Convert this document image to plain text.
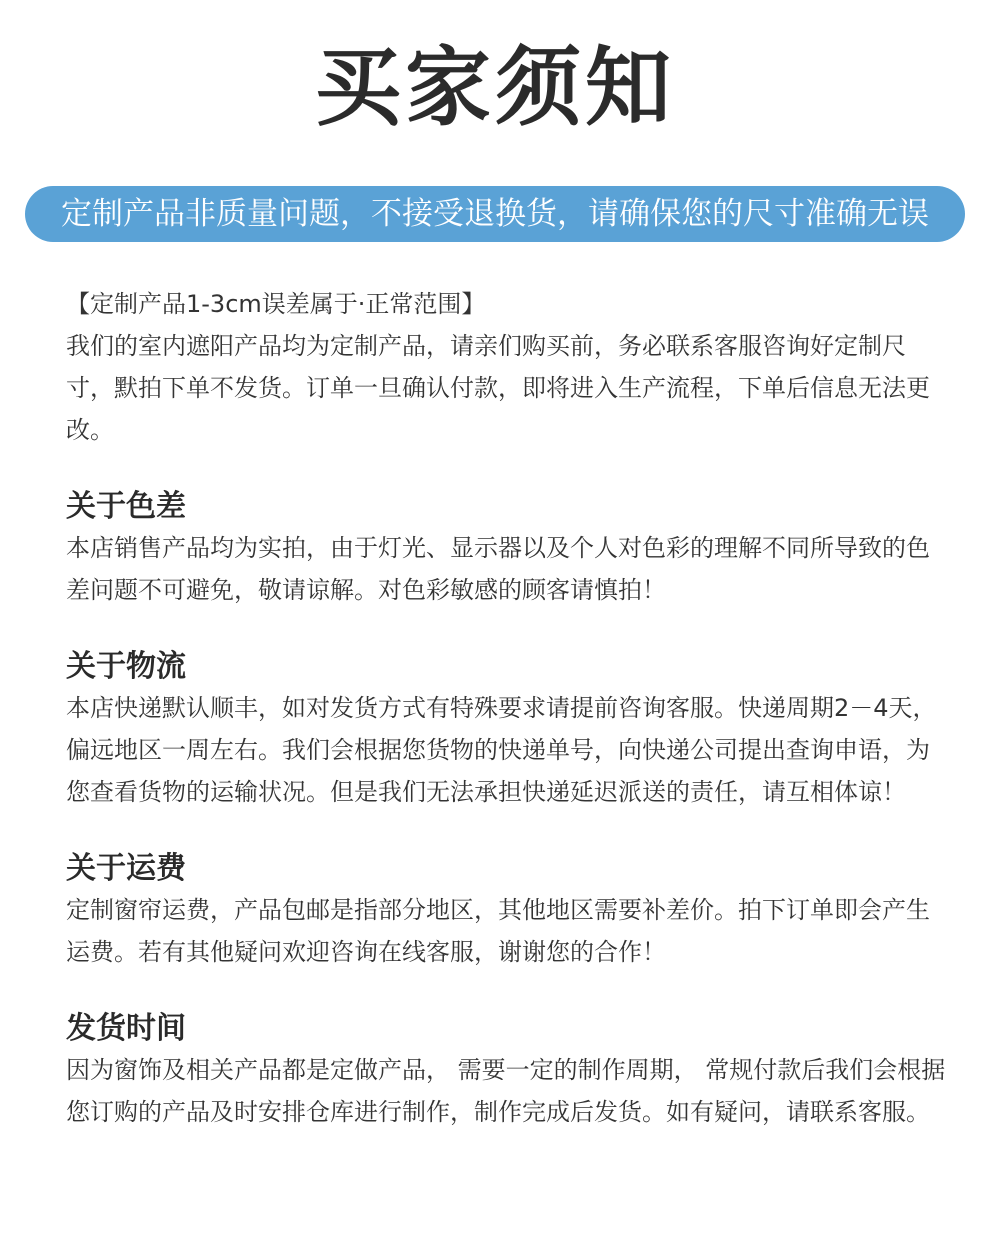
买家须知
定制产品非质量问题，不接受退换货，请确保您的尺寸准确无误
【定制产品1-3cm误差属于·正常范围】
我们的室内遮阳产品均为定制产品，请亲们购买前，务必联系客服咨询好定制尺寸，默拍下单不发货。订单一旦确认付款，即将进入生产流程，下单后信息无法更改。
关于色差
本店销售产品均为实拍，由于灯光、显示器以及个人对色彩的理解不同所导致的色差问题不可避免，敬请谅解。对色彩敏感的顾客请慎拍！
关于物流
本店快递默认顺丰，如对发货方式有特殊要求请提前咨询客服。快递周期2－4天，偏远地区一周左右。我们会根据您货物的快递单号，向快递公司提出查询申语，为您查看货物的运输状况。但是我们无法承担快递延迟派送的责任，请互相体谅！
关于运费
定制窗帘运费，产品包邮是指部分地区，其他地区需要补差价。拍下订单即会产生运费。若有其他疑问欢迎咨询在线客服，谢谢您的合作！
发货时间
因为窗饰及相关产品都是定做产品， 需要一定的制作周期， 常规付款后我们会根据您订购的产品及时安排仓库进行制作，制作完成后发货。如有疑问，请联系客服。
